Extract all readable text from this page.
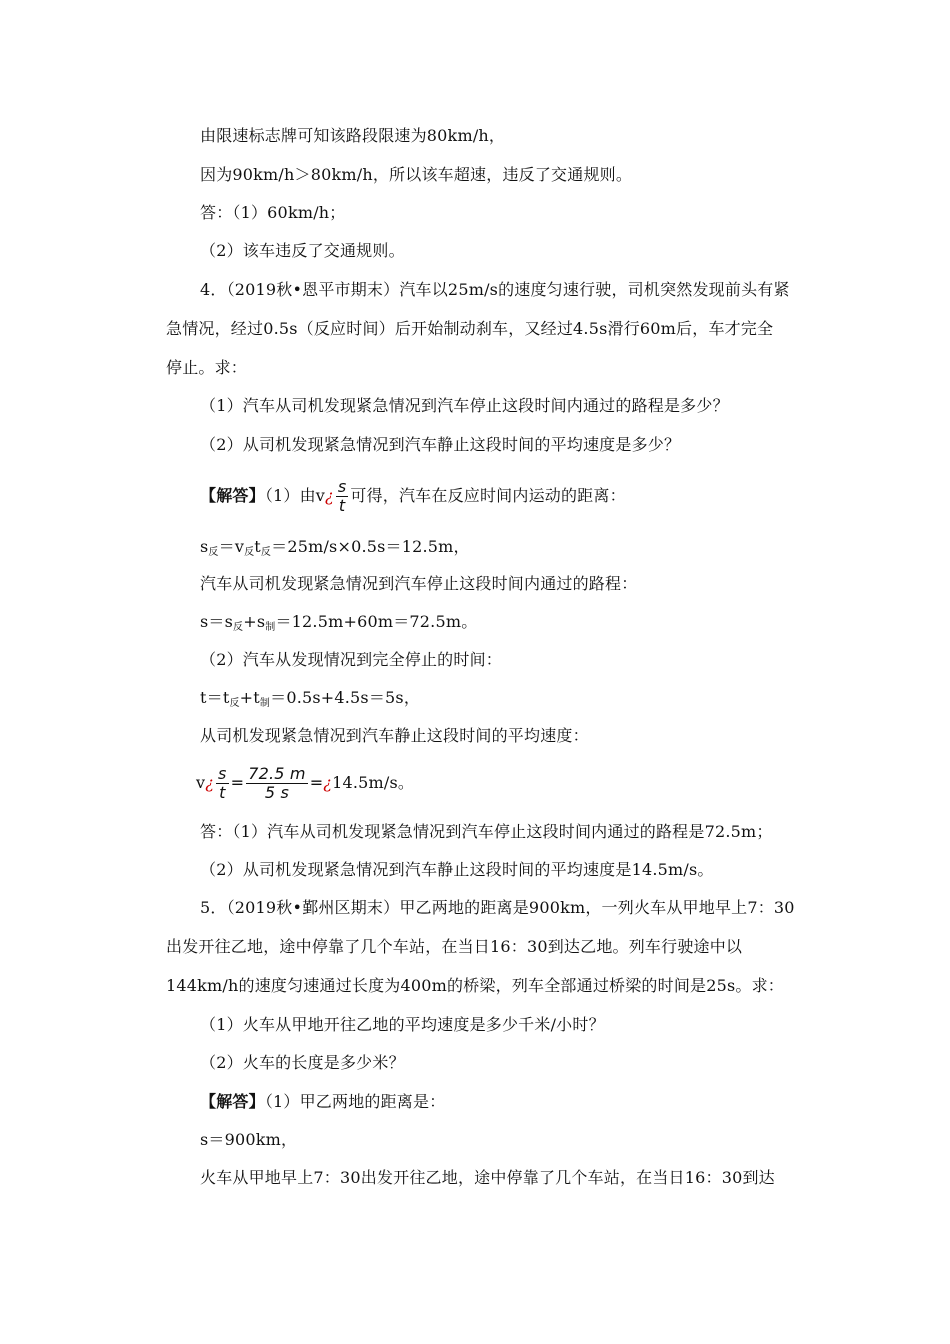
由限速标志牌可知该路段限速为80km/h，
因为90km/h＞80km/h，所以该车超速，违反了交通规则。
答：（1）60km/h；
（2）该车违反了交通规则。
4．（2019秋•恩平市期末）汽车以25m/s的速度匀速行驶，司机突然发现前头有紧
急情况，经过0.5s（反应时间）后开始制动刹车，又经过4.5s滑行60m后，车才完全
停止。求：
（1）汽车从司机发现紧急情况到汽车停止这段时间内通过的路程是多少？
（2）从司机发现紧急情况到汽车静止这段时间的平均速度是多少？
【解答】（1）由v¿ $\frac{s}{t}$ 可得，汽车在反应时间内运动的距离：
s反＝v反t反＝25m/s×0.5s＝12.5m，
汽车从司机发现紧急情况到汽车停止这段时间内通过的路程：
s＝s反+s制＝12.5m+60m＝72.5m。
（2）汽车从发现情况到完全停止的时间：
t＝t反+t制＝0.5s+4.5s＝5s，
从司机发现紧急情况到汽车静止这段时间的平均速度：
v¿ $\frac{s}{t} = \frac{72.5 m}{5 s}$ =¿14.5m/s。
答：（1）汽车从司机发现紧急情况到汽车停止这段时间内通过的路程是72.5m；
（2）从司机发现紧急情况到汽车静止这段时间的平均速度是14.5m/s。
5．（2019秋•鄞州区期末）甲乙两地的距离是900km，一列火车从甲地早上7：30
出发开往乙地，途中停靠了几个车站，在当日16：30到达乙地。列车行驶途中以
144km/h的速度匀速通过长度为400m的桥梁，列车全部通过桥梁的时间是25s。求：
（1）火车从甲地开往乙地的平均速度是多少千米/小时？
（2）火车的长度是多少米？
【解答】（1）甲乙两地的距离是：
s＝900km，
火车从甲地早上7：30出发开往乙地，途中停靠了几个车站，在当日16：30到达
